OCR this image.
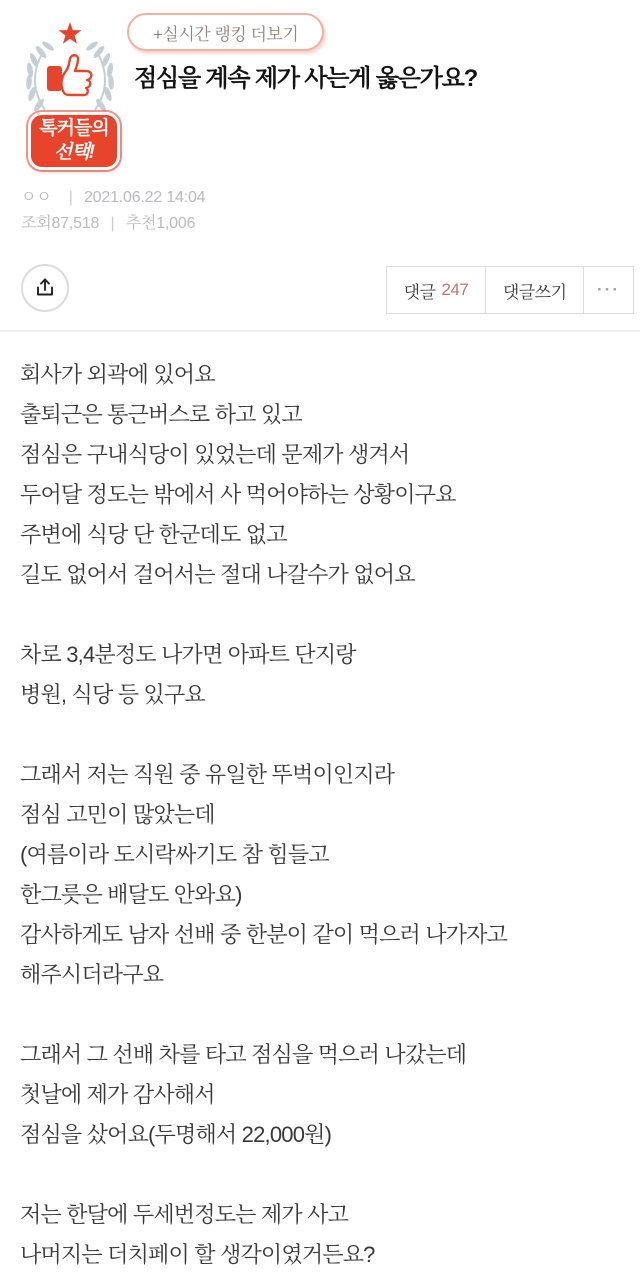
톡커들의
선택!
+실시간 랭킹 더보기
점심을 계속 제가 사는게 옳은가요?
ㅇㅇ | 2021.06.22 14:04
조회87,518 | 추천1,006
댓글 247	댓글쓰기	···

회사가 외곽에 있어요
출퇴근은 통근버스로 하고 있고
점심은 구내식당이 있었는데 문제가 생겨서
두어달 정도는 밖에서 사 먹어야하는 상황이구요
주변에 식당 단 한군데도 없고
길도 없어서 걸어서는 절대 나갈수가 없어요

차로 3,4분정도 나가면 아파트 단지랑
병원, 식당 등 있구요

그래서 저는 직원 중 유일한 뚜벅이인지라
점심 고민이 많았는데
(여름이라 도시락싸기도 참 힘들고
한그릇은 배달도 안와요)
감사하게도 남자 선배 중 한분이 같이 먹으러 나가자고
해주시더라구요

그래서 그 선배 차를 타고 점심을 먹으러 나갔는데
첫날에 제가 감사해서
점심을 샀어요(두명해서 22,000원)

저는 한달에 두세번정도는 제가 사고
나머지는 더치페이 할 생각이였거든요?
